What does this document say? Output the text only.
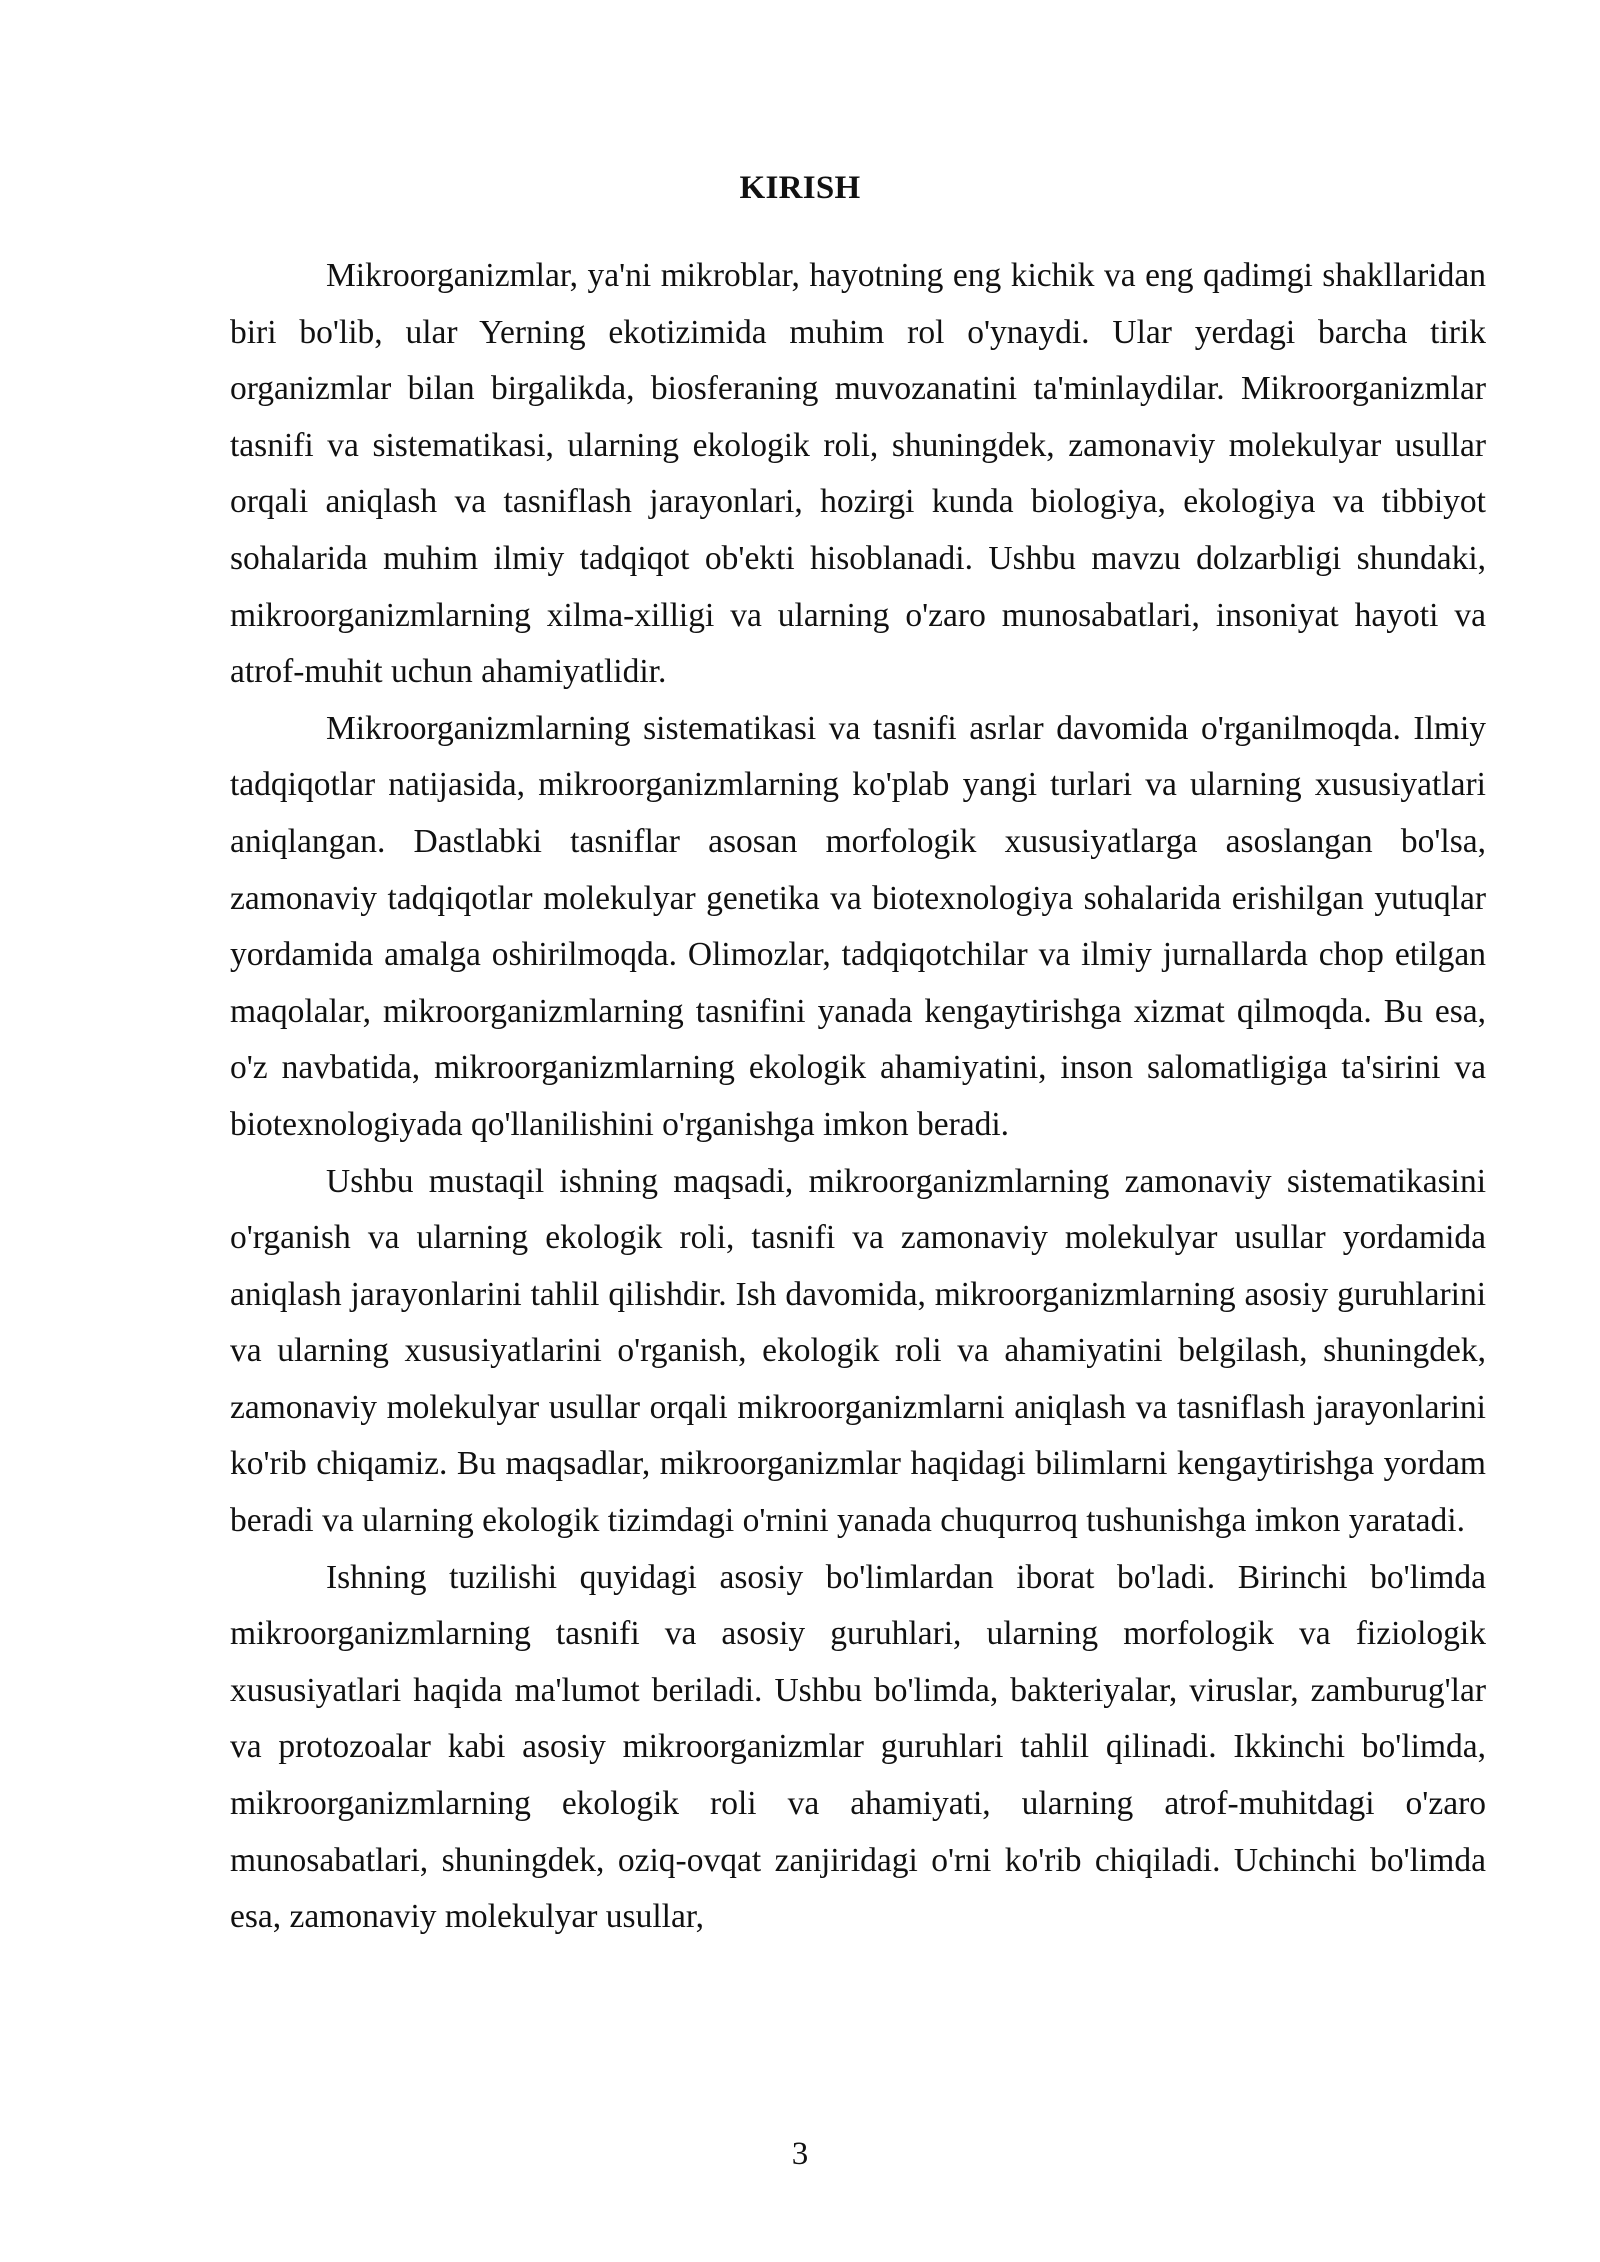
KIRISH

Mikroorganizmlar, ya'ni mikroblar, hayotning eng kichik va eng qadimgi shakllaridan biri bo'lib, ular Yerning ekotizimida muhim rol o'ynaydi. Ular yerdagi barcha tirik organizmlar bilan birgalikda, biosferaning muvozanatini ta'minlaydilar. Mikroorganizmlar tasnifi va sistematikasi, ularning ekologik roli, shuningdek, zamonaviy molekulyar usullar orqali aniqlash va tasniflash jarayonlari, hozirgi kunda biologiya, ekologiya va tibbiyot sohalarida muhim ilmiy tadqiqot ob'ekti hisoblanadi. Ushbu mavzu dolzarbligi shundaki, mikroorganizmlarning xilma-xilligi va ularning o'zaro munosabatlari, insoniyat hayoti va atrof-muhit uchun ahamiyatlidir.

Mikroorganizmlarning sistematikasi va tasnifi asrlar davomida o'rganilmoqda. Ilmiy tadqiqotlar natijasida, mikroorganizmlarning ko'plab yangi turlari va ularning xususiyatlari aniqlangan. Dastlabki tasniflar asosan morfologik xususiyatlarga asoslangan bo'lsa, zamonaviy tadqiqotlar molekulyar genetika va biotexnologiya sohalarida erishilgan yutuqlar yordamida amalga oshirilmoqda. Olimozlar, tadqiqotchilar va ilmiy jurnallarda chop etilgan maqolalar, mikroorganizmlarning tasnifini yanada kengaytirishga xizmat qilmoqda. Bu esa, o'z navbatida, mikroorganizmlarning ekologik ahamiyatini, inson salomatligiga ta'sirini va biotexnologiyada qo'llanilishini o'rganishga imkon beradi.

Ushbu mustaqil ishning maqsadi, mikroorganizmlarning zamonaviy sistematikasini o'rganish va ularning ekologik roli, tasnifi va zamonaviy molekulyar usullar yordamida aniqlash jarayonlarini tahlil qilishdir. Ish davomida, mikroorganizmlarning asosiy guruhlarini va ularning xususiyatlarini o'rganish, ekologik roli va ahamiyatini belgilash, shuningdek, zamonaviy molekulyar usullar orqali mikroorganizmlarni aniqlash va tasniflash jarayonlarini ko'rib chiqamiz. Bu maqsadlar, mikroorganizmlar haqidagi bilimlarni kengaytirishga yordam beradi va ularning ekologik tizimdagi o'rnini yanada chuqurroq tushunishga imkon yaratadi.

Ishning tuzilishi quyidagi asosiy bo'limlardan iborat bo'ladi. Birinchi bo'limda mikroorganizmlarning tasnifi va asosiy guruhlari, ularning morfologik va fiziologik xususiyatlari haqida ma'lumot beriladi. Ushbu bo'limda, bakteriyalar, viruslar, zamburug'lar va protozoalar kabi asosiy mikroorganizmlar guruhlari tahlil qilinadi. Ikkinchi bo'limda, mikroorganizmlarning ekologik roli va ahamiyati, ularning atrof-muhitdagi o'zaro munosabatlari, shuningdek, oziq-ovqat zanjiridagi o'rni ko'rib chiqiladi. Uchinchi bo'limda esa, zamonaviy molekulyar usullar,

3
